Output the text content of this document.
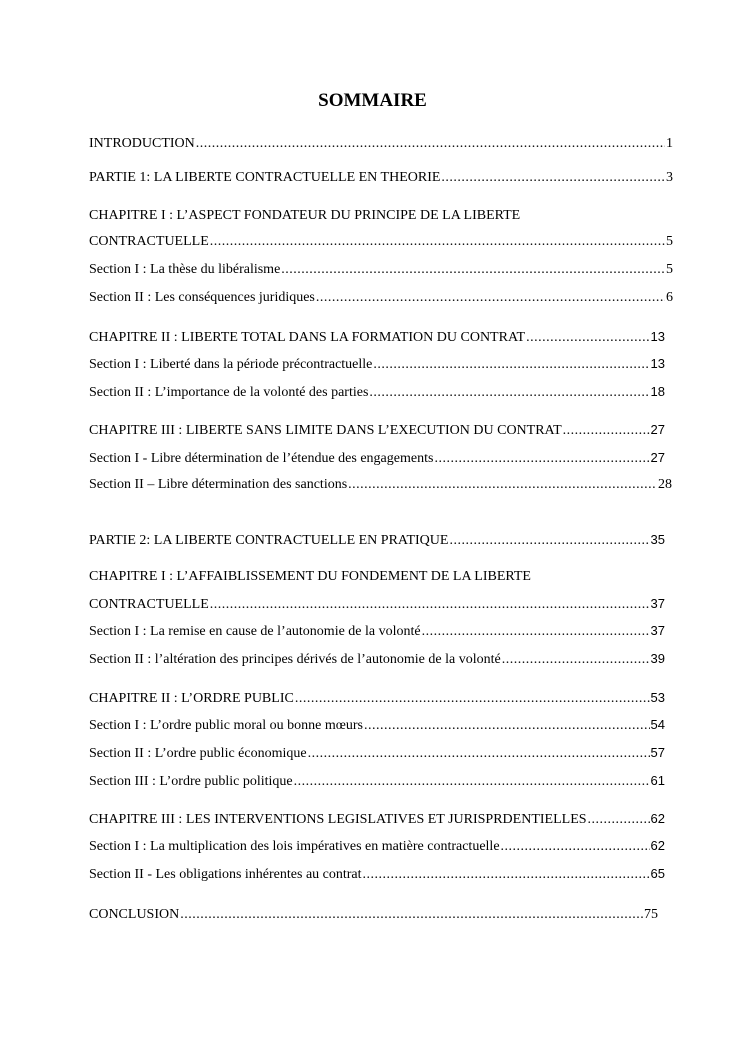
SOMMAIRE
INTRODUCTION .....	1
PARTIE 1: LA LIBERTE CONTRACTUELLE EN THEORIE .....	3
CHAPITRE I : L’ASPECT FONDATEUR DU PRINCIPE DE LA LIBERTE
CONTRACTUELLE .....	5
Section I : La thèse du libéralisme .....	5
Section II : Les conséquences juridiques .....	6
CHAPITRE II : LIBERTE TOTAL DANS LA FORMATION DU CONTRAT .....	13
Section I : Liberté dans la période précontractuelle .....	13
Section II : L’importance de la volonté des parties .....	18
CHAPITRE III : LIBERTE SANS LIMITE DANS L’EXECUTION DU CONTRAT .....	27
Section I - Libre détermination de l’étendue des engagements .....	27
Section II – Libre détermination des sanctions .....	28
PARTIE 2: LA LIBERTE CONTRACTUELLE EN PRATIQUE .....	35
CHAPITRE I : L’AFFAIBLISSEMENT DU FONDEMENT DE LA LIBERTE
CONTRACTUELLE .....	37
Section I : La remise en cause de l’autonomie de la volonté .....	37
Section II : l’altération des principes dérivés de l’autonomie de la volonté .....	39
CHAPITRE II : L’ORDRE PUBLIC .....	53
Section I : L’ordre public moral ou bonne mœurs .....	54
Section II : L’ordre public économique .....	57
Section III : L’ordre public politique .....	61
CHAPITRE III : LES INTERVENTIONS LEGISLATIVES ET JURISPRDENTIELLES .....	62
Section I : La multiplication des lois impératives en matière contractuelle .....	62
Section II - Les obligations inhérentes au contrat .....	65
CONCLUSION .....	75
